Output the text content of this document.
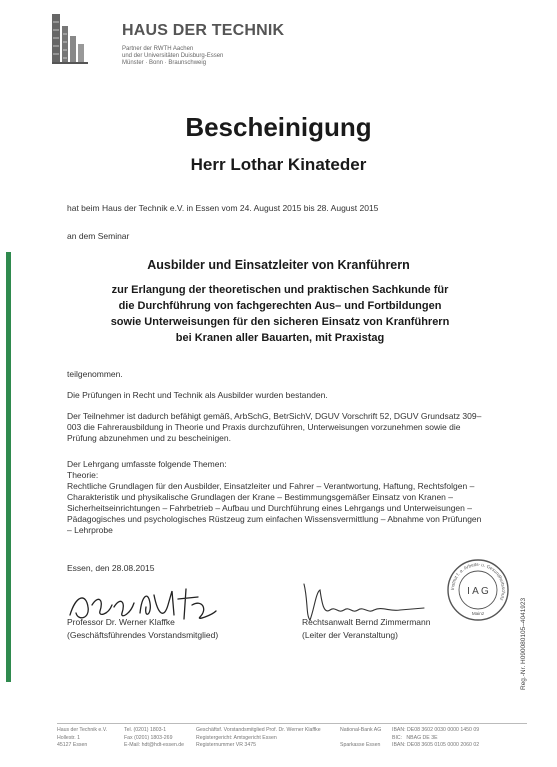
HAUS DER TECHNIK
Partner der RWTH Aachen
und der Universitäten Duisburg-Essen
Münster · Bonn · Braunschweig
Bescheinigung
Herr Lothar Kinateder
hat beim Haus der Technik e.V. in Essen vom 24. August 2015 bis 28. August 2015
an dem Seminar
Ausbilder und Einsatzleiter von Kranführern
zur Erlangung der theoretischen und praktischen Sachkunde für
die Durchführung von fachgerechten Aus– und Fortbildungen
sowie Unterweisungen für den sicheren Einsatz von Kranführern
bei Kranen aller Bauarten, mit Praxistag
teilgenommen.
Die Prüfungen in Recht und Technik als Ausbilder wurden bestanden.
Der Teilnehmer ist dadurch befähigt gemäß, ArbSchG, BetrSichV, DGUV Vorschrift 52, DGUV Grundsatz 309–003 die Fahrerausbildung in Theorie und Praxis durchzuführen, Unterweisungen vorzunehmen sowie die Prüfung abzunehmen und zu bescheinigen.
Der Lehrgang umfasste folgende Themen:
Theorie:
Rechtliche Grundlagen für den Ausbilder, Einsatzleiter und Fahrer – Verantwortung, Haftung, Rechtsfolgen – Charakteristik und physikalische Grundlagen der Krane – Bestimmungsgemäßer Einsatz von Kranen – Sicherheitseinrichtungen – Fahrbetrieb – Aufbau und Durchführung eines Lehrgangs und Unterweisungen – Pädagogisches und psychologisches Rüstzeug zum einfachen Wissensvermittlung – Abnahme von Prüfungen – Lehrprobe
Essen, den 28.08.2015
Professor Dr. Werner Klaffke
(Geschäftsführendes Vorstandsmitglied)
Rechtsanwalt Bernd Zimmermann
(Leiter der Veranstaltung)
Institut f. a. Arbeits- u. Gesundheitsschutz
I A G
Mainz	Reg.-Nr. H090080105–4041923
Haus der Technik e.V.
Hollestr. 1
45127 Essen
Tel. (0201) 1803-1
Fax (0201) 1803-269
E-Mail: hdt@hdt-essen.de
Geschäftsf. Vorstandsmitglied Prof. Dr. Werner Klaffke
Registergericht: Amtsgericht Essen
Registernummer VR 3475
National-Bank AG

Sparkasse Essen
IBAN: DE08 3602 0030 0000 1450 09
BIC:   NBAG DE 3E
IBAN: DE08 3605 0105 0000 2060 02
